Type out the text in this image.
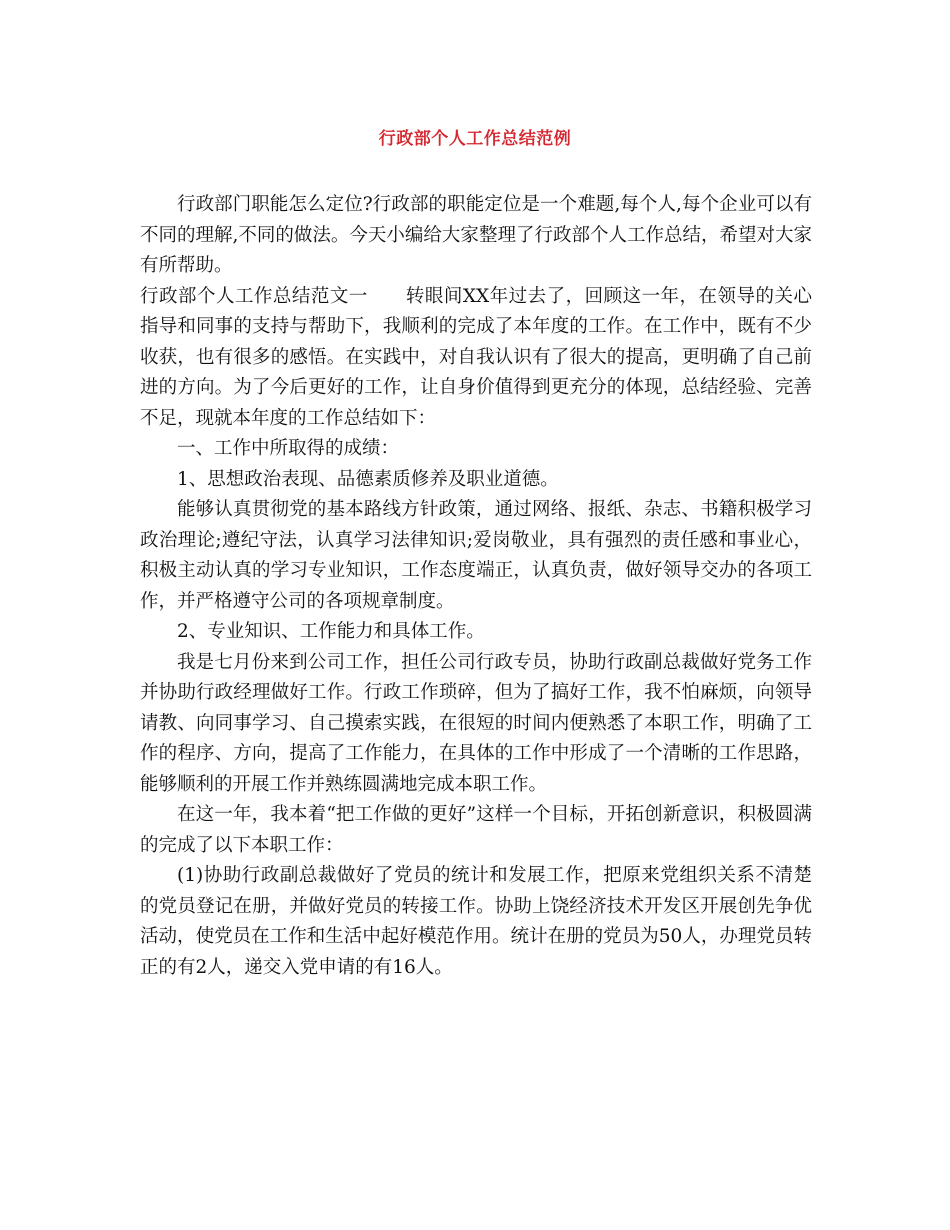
行政部个人工作总结范例

行政部门职能怎么定位?行政部的职能定位是一个难题,每个人,每个企业可以有不同的理解,不同的做法。今天小编给大家整理了行政部个人工作总结，希望对大家有所帮助。

行政部个人工作总结范文一　　转眼间XX年过去了，回顾这一年，在领导的关心指导和同事的支持与帮助下，我顺利的完成了本年度的工作。在工作中，既有不少收获，也有很多的感悟。在实践中，对自我认识有了很大的提高，更明确了自己前进的方向。为了今后更好的工作，让自身价值得到更充分的体现，总结经验、完善不足，现就本年度的工作总结如下：

一、工作中所取得的成绩：

1、思想政治表现、品德素质修养及职业道德。

能够认真贯彻党的基本路线方针政策，通过网络、报纸、杂志、书籍积极学习政治理论;遵纪守法，认真学习法律知识;爱岗敬业，具有强烈的责任感和事业心，积极主动认真的学习专业知识，工作态度端正，认真负责，做好领导交办的各项工作，并严格遵守公司的各项规章制度。

2、专业知识、工作能力和具体工作。

我是七月份来到公司工作，担任公司行政专员，协助行政副总裁做好党务工作并协助行政经理做好工作。行政工作琐碎，但为了搞好工作，我不怕麻烦，向领导请教、向同事学习、自己摸索实践，在很短的时间内便熟悉了本职工作，明确了工作的程序、方向，提高了工作能力，在具体的工作中形成了一个清晰的工作思路，能够顺利的开展工作并熟练圆满地完成本职工作。

在这一年，我本着“把工作做的更好”这样一个目标，开拓创新意识，积极圆满的完成了以下本职工作：

(1)协助行政副总裁做好了党员的统计和发展工作，把原来党组织关系不清楚的党员登记在册，并做好党员的转接工作。协助上饶经济技术开发区开展创先争优活动，使党员在工作和生活中起好模范作用。统计在册的党员为50人，办理党员转正的有2人，递交入党申请的有16人。
